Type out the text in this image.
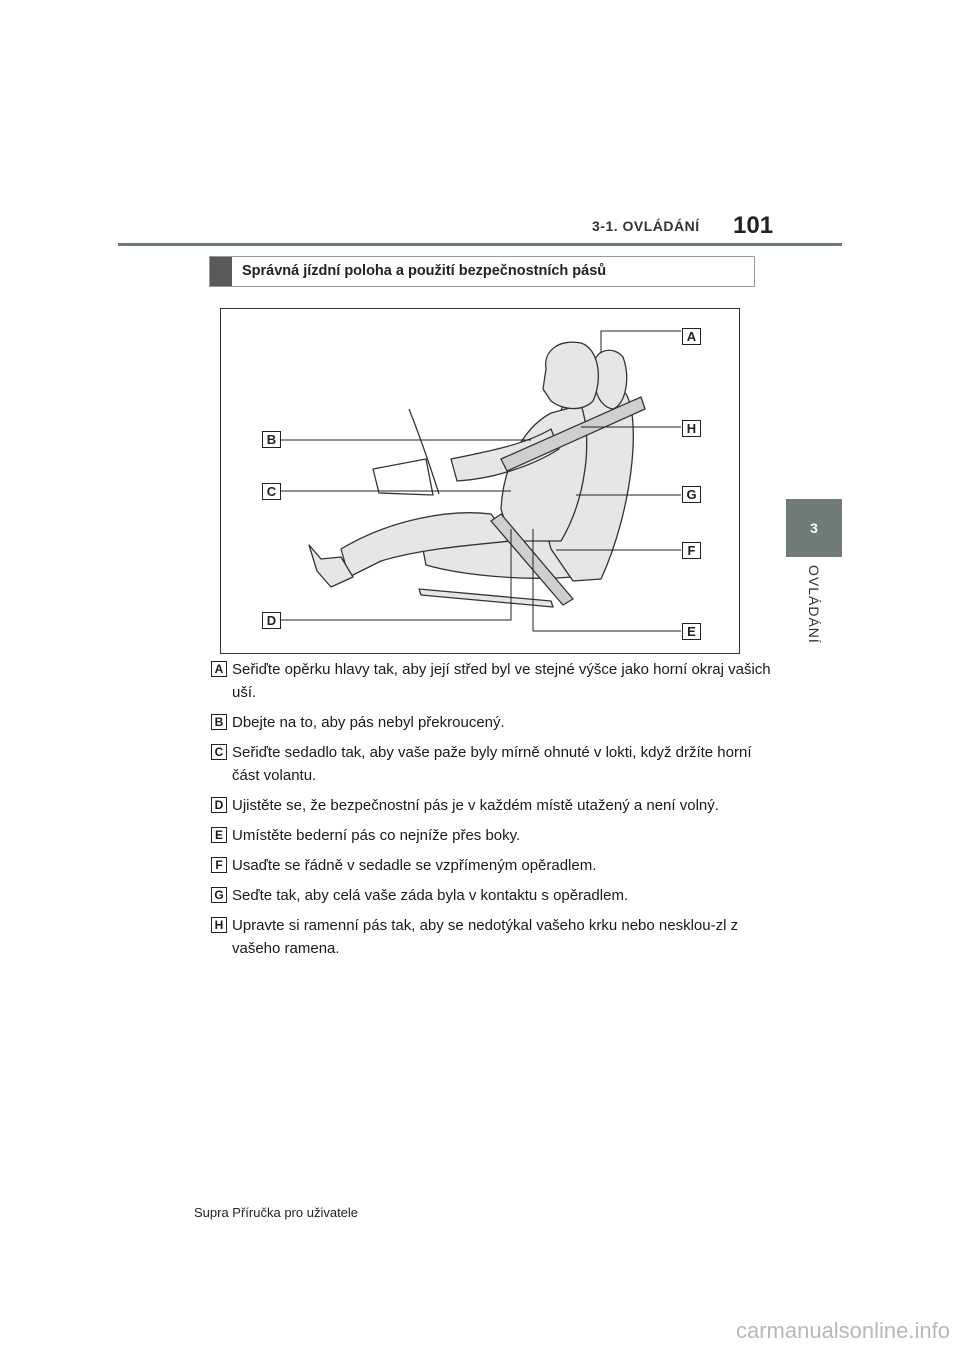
3-1. OVLÁDÁNÍ 101
3
OVLÁDÁNÍ
Správná jízdní poloha a použití bezpečnostních pásů
A
B
C
D
E
F
G
H
A Seřiďte opěrku hlavy tak, aby její střed byl ve stejné výšce jako horní okraj vašich uší.
B Dbejte na to, aby pás nebyl překroucený.
C Seřiďte sedadlo tak, aby vaše paže byly mírně ohnuté v lokti, když držíte horní část volantu.
D Ujistěte se, že bezpečnostní pás je v každém místě utažený a není volný.
E Umístěte bederní pás co nejníže přes boky.
F Usaďte se řádně v sedadle se vzpřímeným opěradlem.
G Seďte tak, aby celá vaše záda byla v kontaktu s opěradlem.
H Upravte si ramenní pás tak, aby se nedotýkal vašeho krku nebo nesklou-zl z vašeho ramena.
Supra Příručka pro uživatele
carmanualsonline.info
